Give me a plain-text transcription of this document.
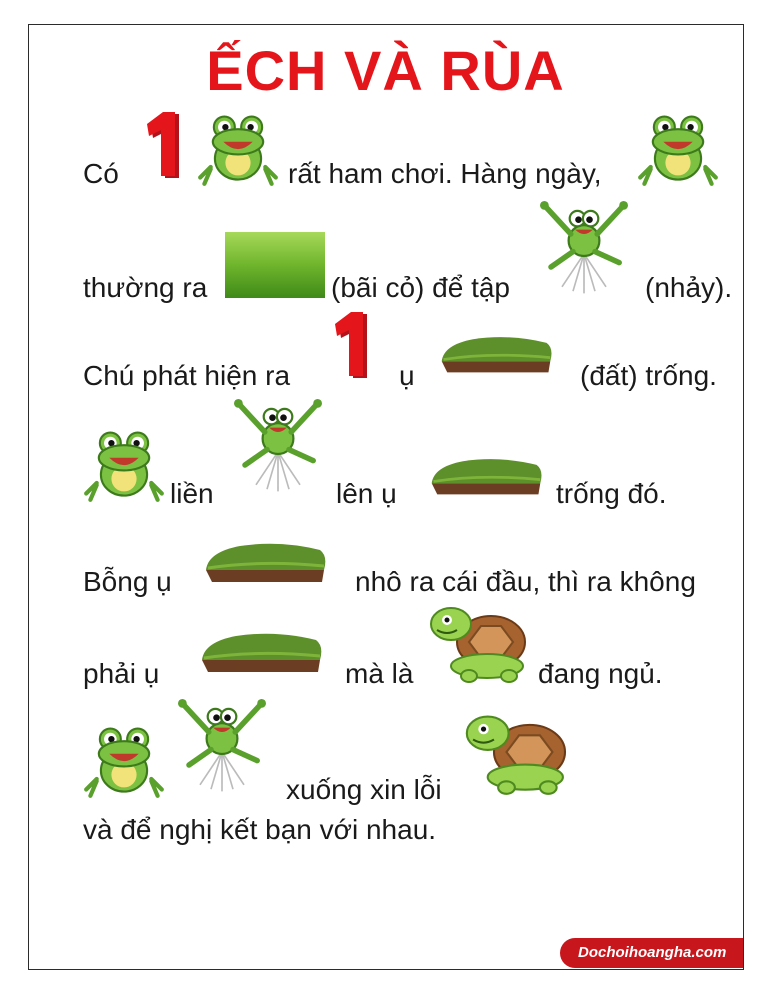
ẾCH VÀ RÙA
Có	rất ham chơi. Hàng ngày,
thường ra	(bãi cỏ) để tập	(nhảy).
Chú phát hiện ra	ụ	(đất) trống.
liền	lên ụ	trống đó.
Bỗng ụ	nhô ra cái đầu, thì ra không
phải ụ	mà là	đang ngủ.
xuống xin lỗi
và để nghị kết bạn với nhau.
Dochoihoangha.com
